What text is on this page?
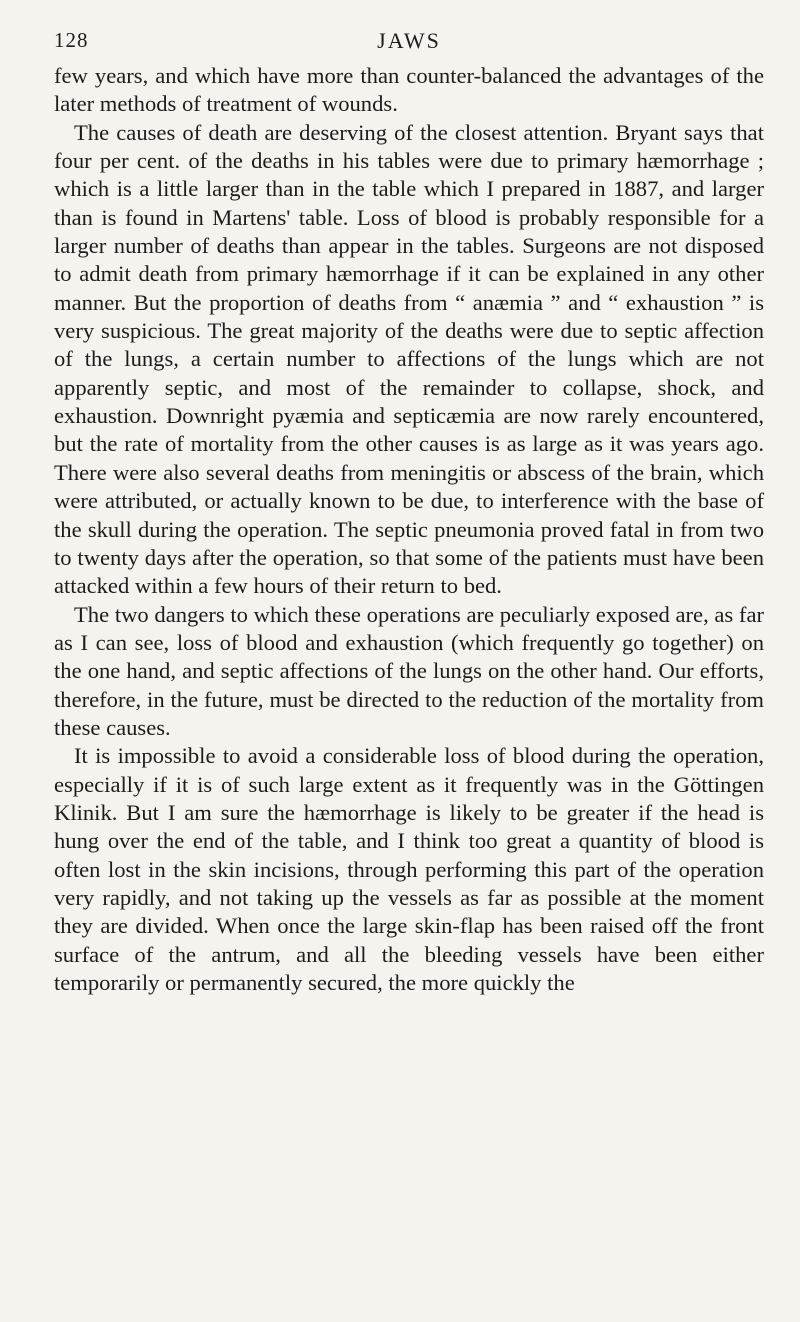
128	JAWS

few years, and which have more than counter-balanced the advantages of the later methods of treatment of wounds.

The causes of death are deserving of the closest attention. Bryant says that four per cent. of the deaths in his tables were due to primary hæmorrhage ; which is a little larger than in the table which I prepared in 1887, and larger than is found in Martens' table. Loss of blood is probably responsible for a larger number of deaths than appear in the tables. Surgeons are not disposed to admit death from primary hæmorrhage if it can be explained in any other manner. But the proportion of deaths from “ anæmia ” and “ exhaustion ” is very suspicious. The great majority of the deaths were due to septic affection of the lungs, a certain number to affections of the lungs which are not apparently septic, and most of the remainder to collapse, shock, and exhaustion. Downright pyæmia and septicæmia are now rarely encountered, but the rate of mortality from the other causes is as large as it was years ago. There were also several deaths from meningitis or abscess of the brain, which were attributed, or actually known to be due, to interference with the base of the skull during the operation. The septic pneumonia proved fatal in from two to twenty days after the operation, so that some of the patients must have been attacked within a few hours of their return to bed.

The two dangers to which these operations are peculiarly exposed are, as far as I can see, loss of blood and exhaustion (which frequently go together) on the one hand, and septic affections of the lungs on the other hand. Our efforts, therefore, in the future, must be directed to the reduction of the mortality from these causes.

It is impossible to avoid a considerable loss of blood during the operation, especially if it is of such large extent as it frequently was in the Göttingen Klinik. But I am sure the hæmorrhage is likely to be greater if the head is hung over the end of the table, and I think too great a quantity of blood is often lost in the skin incisions, through performing this part of the operation very rapidly, and not taking up the vessels as far as possible at the moment they are divided. When once the large skin-flap has been raised off the front surface of the antrum, and all the bleeding vessels have been either temporarily or permanently secured, the more quickly the
